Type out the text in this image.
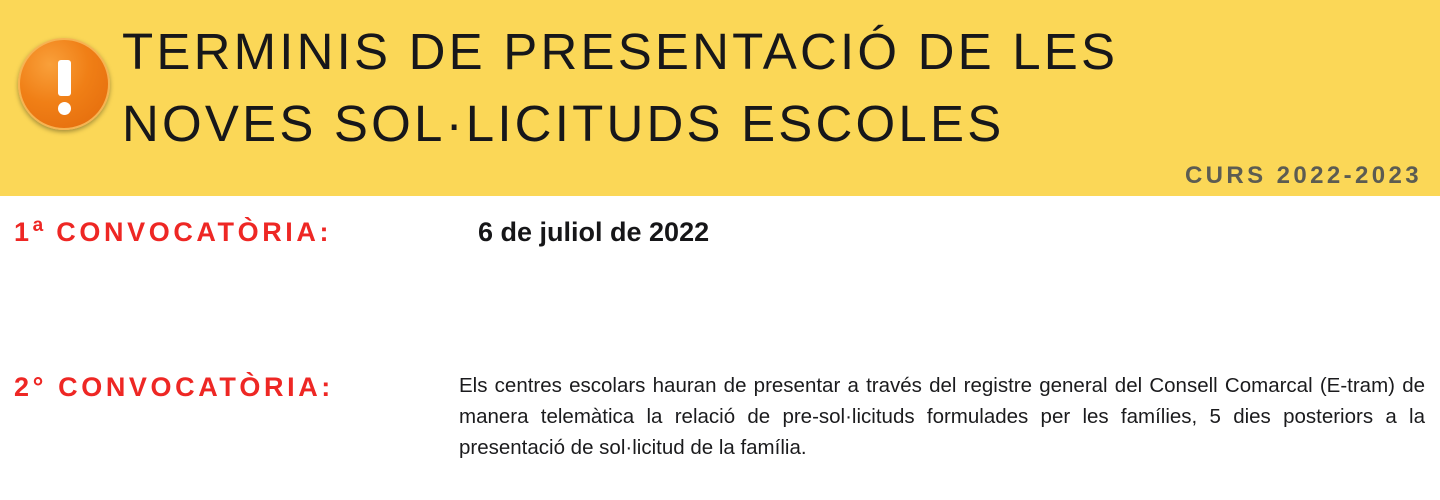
TERMINIS DE PRESENTACIÓ DE LES
NOVES SOL·LICITUDS ESCOLES
CURS 2022-2023
1$^a$ CONVOCATÒRIA:	6 de juliol de 2022
2° CONVOCATÒRIA:	Els centres escolars hauran de presentar a través del registre general del Consell Comarcal (E-tram) de manera telemàtica la relació de pre-sol·licituds formulades per les famílies, 5 dies posteriors a la presentació de sol·licitud de la família.
